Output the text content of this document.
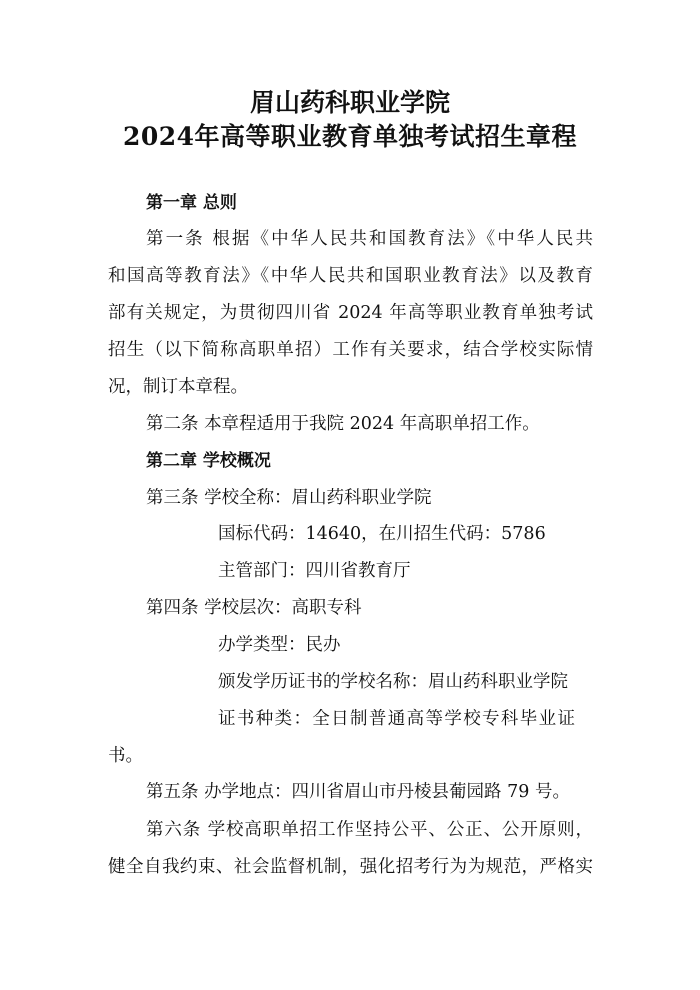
眉山药科职业学院
2024年高等职业教育单独考试招生章程
第一章 总则
第一条 根据《中华人民共和国教育法》《中华人民共
和国高等教育法》《中华人民共和国职业教育法》以及教育
部有关规定，为贯彻四川省 2024 年高等职业教育单独考试
招生（以下简称高职单招）工作有关要求，结合学校实际情
况，制订本章程。
第二条 本章程适用于我院 2024 年高职单招工作。
第二章 学校概况
第三条 学校全称：眉山药科职业学院
国标代码：14640，在川招生代码：5786
主管部门：四川省教育厅
第四条 学校层次：高职专科
办学类型：民办
颁发学历证书的学校名称：眉山药科职业学院
证书种类：全日制普通高等学校专科毕业证
书。
第五条 办学地点：四川省眉山市丹棱县葡园路 79 号。
第六条 学校高职单招工作坚持公平、公正、公开原则，
健全自我约束、社会监督机制，强化招考行为为规范，严格实
